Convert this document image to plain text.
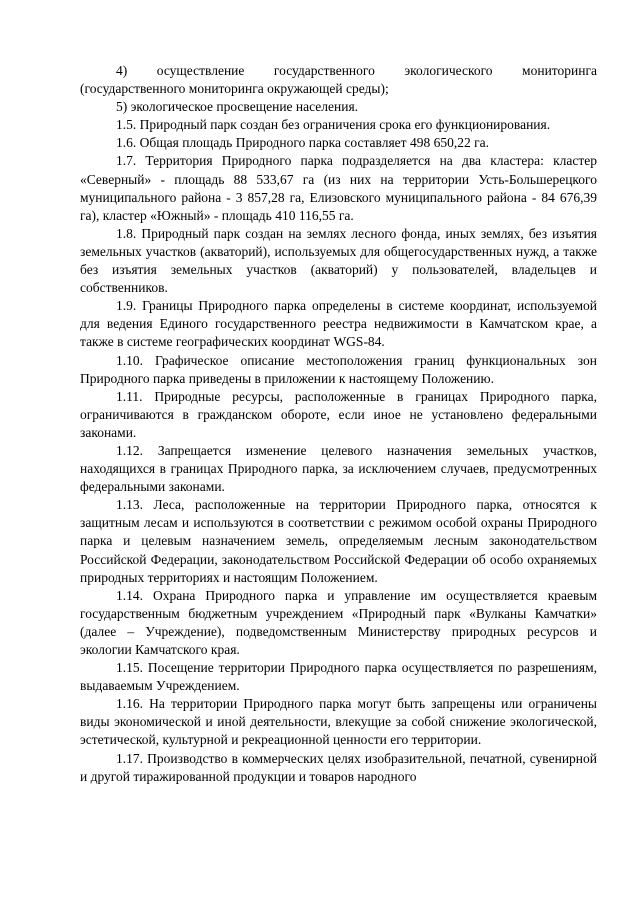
4) осуществление государственного экологического мониторинга (государственного мониторинга окружающей среды);

5) экологическое просвещение населения.

1.5. Природный парк создан без ограничения срока его функционирования.

1.6. Общая площадь Природного парка составляет 498 650,22 га.

1.7. Территория Природного парка подразделяется на два кластера: кластер «Северный» - площадь 88 533,67 га (из них на территории Усть-Большерецкого муниципального района - 3 857,28 га, Елизовского муниципального района - 84 676,39 га), кластер «Южный» - площадь 410 116,55 га.

1.8. Природный парк создан на землях лесного фонда, иных землях, без изъятия земельных участков (акваторий), используемых для общегосударственных нужд, а также без изъятия земельных участков (акваторий) у пользователей, владельцев и собственников.

1.9. Границы Природного парка определены в системе координат, используемой для ведения Единого государственного реестра недвижимости в Камчатском крае, а также в системе географических координат WGS-84.

1.10. Графическое описание местоположения границ функциональных зон Природного парка приведены в приложении к настоящему Положению.

1.11. Природные ресурсы, расположенные в границах Природного парка, ограничиваются в гражданском обороте, если иное не установлено федеральными законами.

1.12. Запрещается изменение целевого назначения земельных участков, находящихся в границах Природного парка, за исключением случаев, предусмотренных федеральными законами.

1.13. Леса, расположенные на территории Природного парка, относятся к защитным лесам и используются в соответствии с режимом особой охраны Природного парка и целевым назначением земель, определяемым лесным законодательством Российской Федерации, законодательством Российской Федерации об особо охраняемых природных территориях и настоящим Положением.

1.14. Охрана Природного парка и управление им осуществляется краевым государственным бюджетным учреждением «Природный парк «Вулканы Камчатки» (далее – Учреждение), подведомственным Министерству природных ресурсов и экологии Камчатского края.

1.15. Посещение территории Природного парка осуществляется по разрешениям, выдаваемым Учреждением.

1.16. На территории Природного парка могут быть запрещены или ограничены виды экономической и иной деятельности, влекущие за собой снижение экологической, эстетической, культурной и рекреационной ценности его территории.

1.17. Производство в коммерческих целях изобразительной, печатной, сувенирной и другой тиражированной продукции и товаров народного
